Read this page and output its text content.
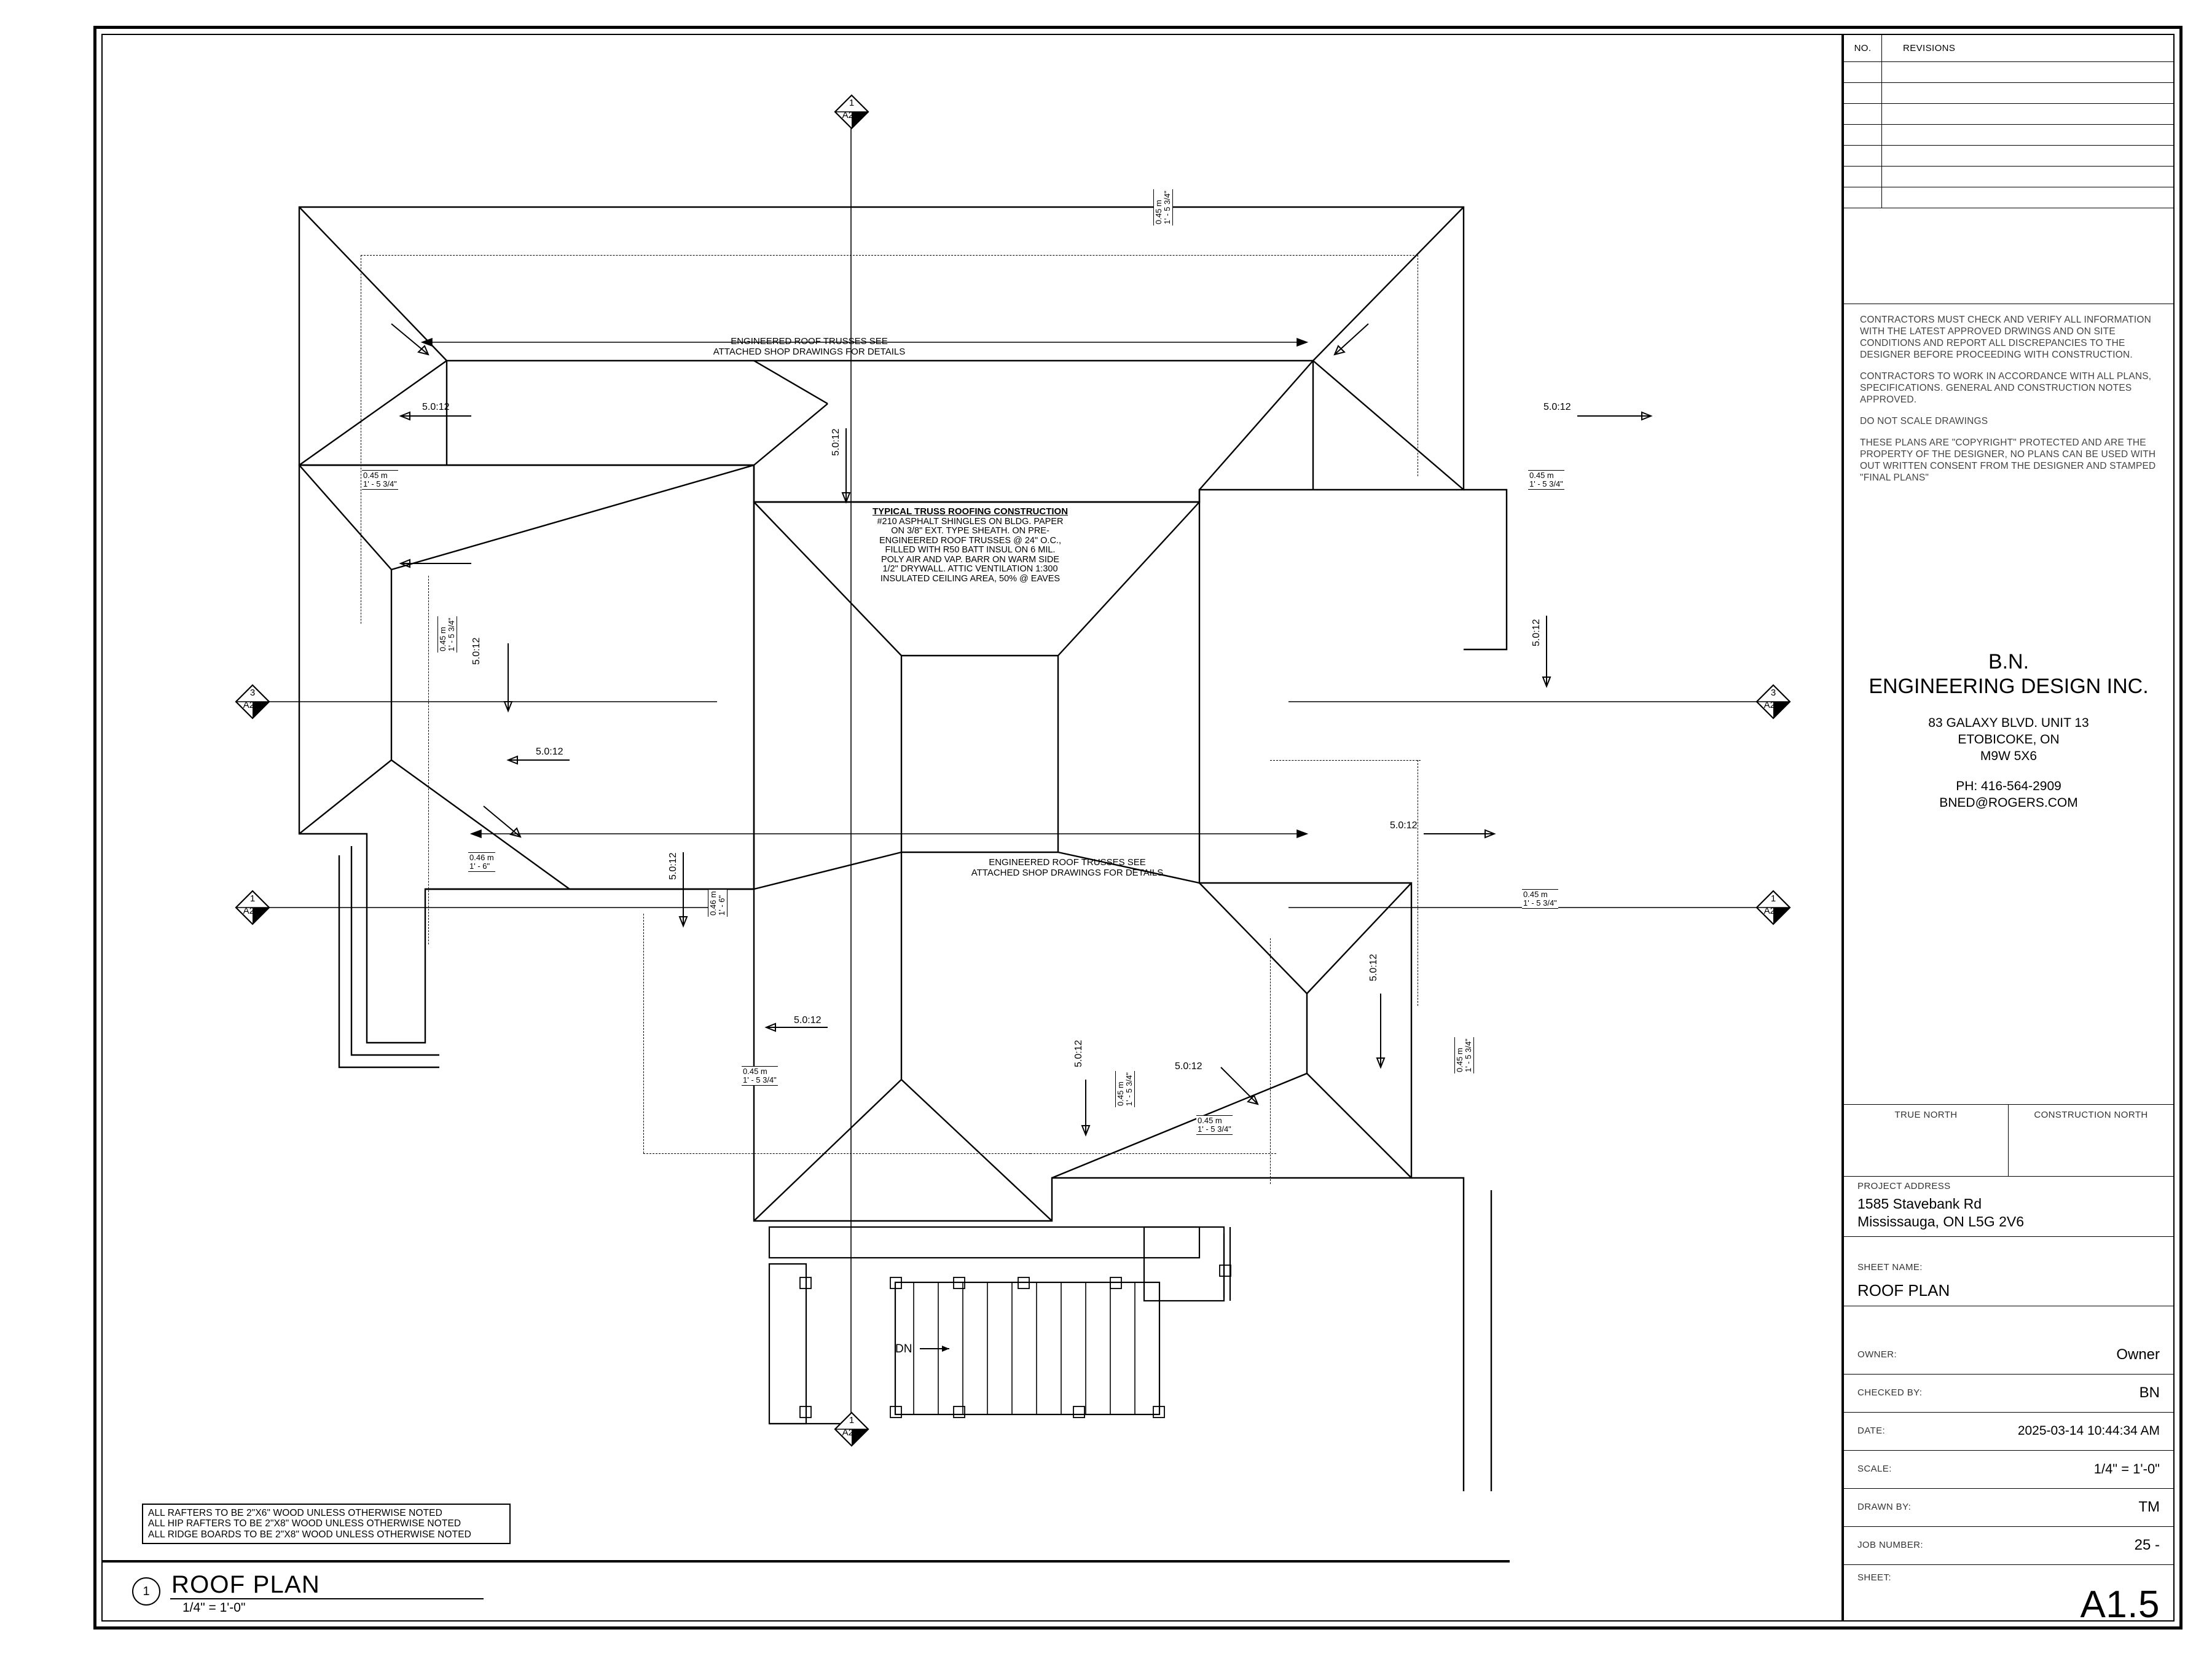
5.0:12	5.0:12
5.0:12
5.0:12
5.0:12
5.0:12
5.0:12
5.0:12
5.0:12
5.0:12	5.0:12
5.0:12
0.45 m
1' - 5 3/4"
0.45 m
1' - 5 3/4"
0.45 m
1' - 5 3/4"
0.45 m
1' - 5 3/4"
0.45 m
1' - 5 3/4"
0.45 m
1' - 5 3/4"
0.45 m
1' - 5 3/4"
0.45 m
1' - 5 3/4"
0.45 m
1' - 5 3/4"
0.46 m
1' - 6"
0.46 m
1' - 6"
ENGINEERED ROOF TRUSSES SEE
ATTACHED SHOP DRAWINGS FOR DETAILS
ENGINEERED ROOF TRUSSES SEE
ATTACHED SHOP DRAWINGS FOR DETAILS
TYPICAL TRUSS ROOFING CONSTRUCTION
#210 ASPHALT SHINGLES ON BLDG. PAPER
ON 3/8" EXT. TYPE SHEATH. ON PRE-
ENGINEERED ROOF TRUSSES @ 24" O.C.,
FILLED WITH R50 BATT INSUL ON 6 MIL.
POLY AIR AND VAP. BARR ON WARM SIDE
1/2" DRYWALL. ATTIC VENTILATION 1:300
INSULATED CEILING AREA, 50% @ EAVES
DN
1
A2.2
1
A2.2
3
A2.1
3
A2.1
1
A2.1
1
A2.1
ALL RAFTERS TO BE 2"X6" WOOD UNLESS OTHERWISE NOTED
ALL HIP RAFTERS TO BE 2"X8" WOOD UNLESS OTHERWISE NOTED
ALL RIDGE BOARDS TO BE 2"X8" WOOD UNLESS OTHERWISE NOTED
1 ROOF PLAN
1/4" = 1'-0"
NO.	REVISIONS

CONTRACTORS MUST CHECK AND VERIFY ALL INFORMATION WITH THE LATEST APPROVED DRWINGS AND ON SITE CONDITIONS AND REPORT ALL DISCREPANCIES TO THE DESIGNER BEFORE PROCEEDING WITH CONSTRUCTION.

CONTRACTORS TO WORK IN ACCORDANCE WITH ALL PLANS, SPECIFICATIONS. GENERAL AND CONSTRUCTION NOTES APPROVED.

DO NOT SCALE DRAWINGS

THESE PLANS ARE "COPYRIGHT" PROTECTED AND ARE THE PROPERTY OF THE DESIGNER, NO PLANS CAN BE USED WITH OUT WRITTEN CONSENT FROM THE DESIGNER AND STAMPED "FINAL PLANS"

B.N.
ENGINEERING DESIGN INC.
83 GALAXY BLVD. UNIT 13
ETOBICOKE, ON
M9W 5X6
PH: 416-564-2909
BNED@ROGERS.COM
TRUE NORTH	CONSTRUCTION NORTH
PROJECT ADDRESS
1585 Stavebank Rd
Mississauga, ON L5G 2V6
SHEET NAME:
ROOF PLAN
OWNER:	Owner
CHECKED BY:	BN
DATE:	2025-03-14 10:44:34 AM
SCALE:	1/4" = 1'-0"
DRAWN BY:	TM
JOB NUMBER:	25 -
SHEET:
A1.5
